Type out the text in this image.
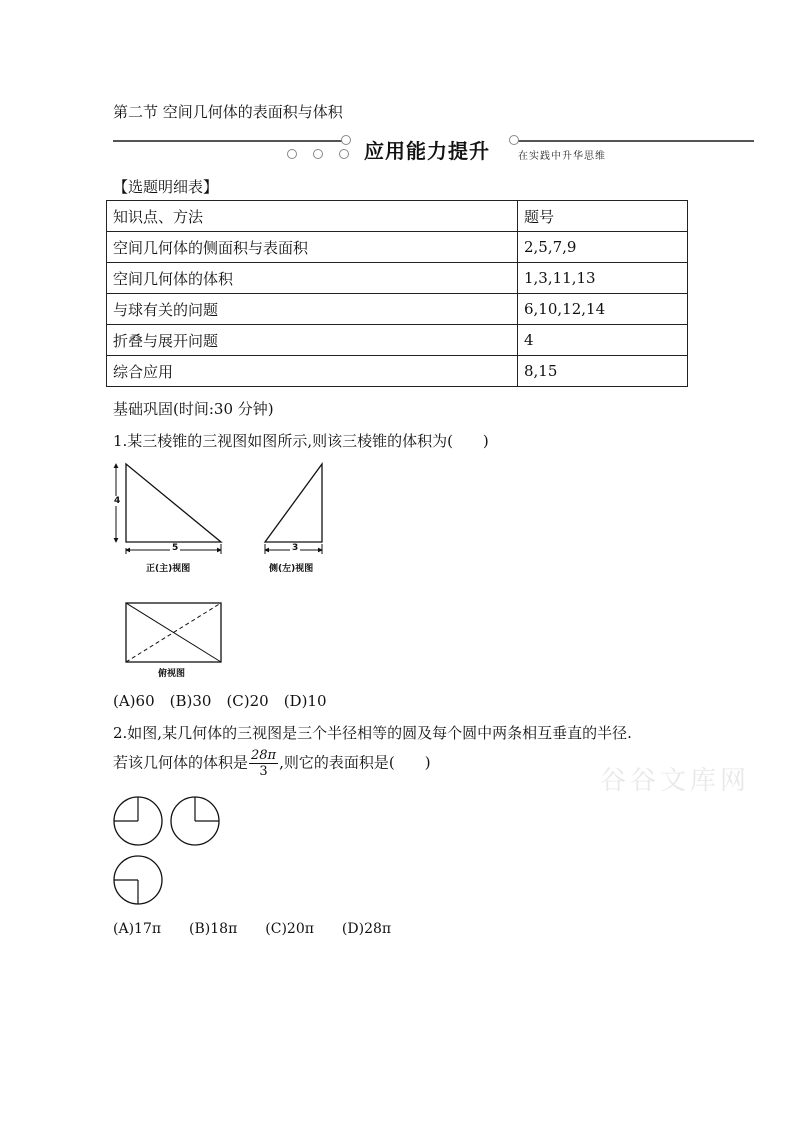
第二节 空间几何体的表面积与体积
应用能力提升	在实践中升华思维
【选题明细表】
知识点、方法	题号
空间几何体的侧面积与表面积	2,5,7,9
空间几何体的体积	1,3,11,13
与球有关的问题	6,10,12,14
折叠与展开问题	4
综合应用	8,15
基础巩固(时间:30 分钟)
1.某三棱锥的三视图如图所示,则该三棱锥的体积为(　　)
4
5	3
正(主)视图	侧(左)视图
俯视图
(A)60　(B)30　(C)20　(D)10
2.如图,某几何体的三视图是三个半径相等的圆及每个圆中两条相互垂直的半径.
若该几何体的体积是 $\frac{28\pi}{3}$ ,则它的表面积是(　　)
谷谷文库网
(A)17π　　(B)18π　　(C)20π　　(D)28π
